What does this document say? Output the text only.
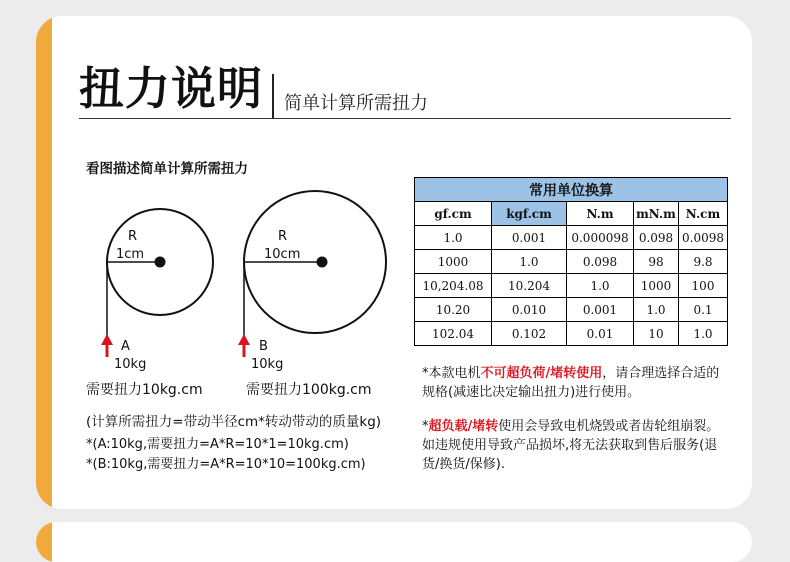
扭力说明 简单计算所需扭力
看图描述简单计算所需扭力
R
1cm
A
10kg
需要扭力10kg.cm
R
10cm
B
10kg
需要扭力100kg.cm
(计算所需扭力=带动半径cm*转动带动的质量kg)
*(A:10kg,需要扭力=A*R=10*1=10kg.cm)
*(B:10kg,需要扭力=A*R=10*10=100kg.cm)
常用单位换算				
gf.cm	kgf.cm	N.m	mN.m	N.cm
1.0	0.001	0.000098	0.098	0.0098
1000	1.0	0.098	98	9.8
10,204.08	10.204	1.0	1000	100
10.20	0.010	0.001	1.0	0.1
102.04	0.102	0.01	10	1.0
*本款电机不可超负荷/堵转使用，请合理选择合适的规格(减速比决定输出扭力)进行使用。
*超负载/堵转使用会导致电机烧毁或者齿轮组崩裂。如违规使用导致产品损坏,将无法获取到售后服务(退货/换货/保修).
